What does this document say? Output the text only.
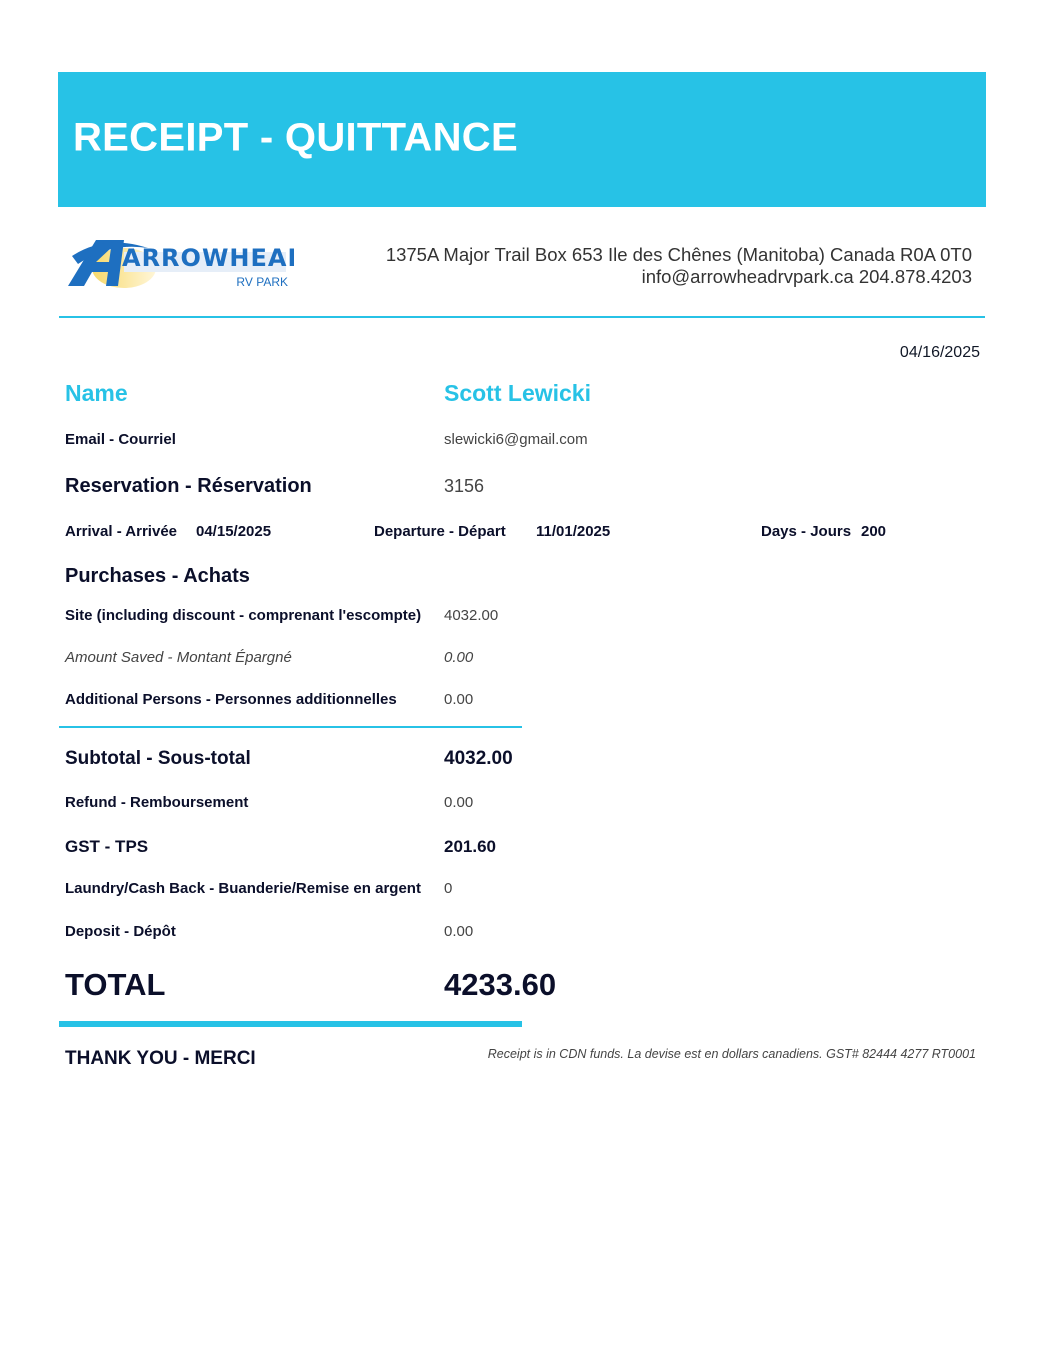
RECEIPT - QUITTANCE
ARROWHEAD
RV PARK
1375A Major Trail Box 653 Ile des Chênes (Manitoba) Canada R0A 0T0
info@arrowheadrvpark.ca 204.878.4203
04/16/2025
Name	Scott Lewicki
Email - Courriel	slewicki6@gmail.com
Reservation - Réservation	3156
Arrival - Arrivée 04/15/2025	Departure - Départ 11/01/2025	Days - Jours 200
Purchases - Achats
Site (including discount - comprenant l'escompte) 4032.00
Amount Saved - Montant Épargné	0.00
Additional Persons - Personnes additionnelles	0.00
Subtotal - Sous-total	4032.00
Refund - Remboursement	0.00
GST - TPS	201.60
Laundry/Cash Back - Buanderie/Remise en argent 0
Deposit - Dépôt	0.00
TOTAL	4233.60
THANK YOU - MERCI	Receipt is in CDN funds. La devise est en dollars canadiens. GST# 82444 4277 RT0001
